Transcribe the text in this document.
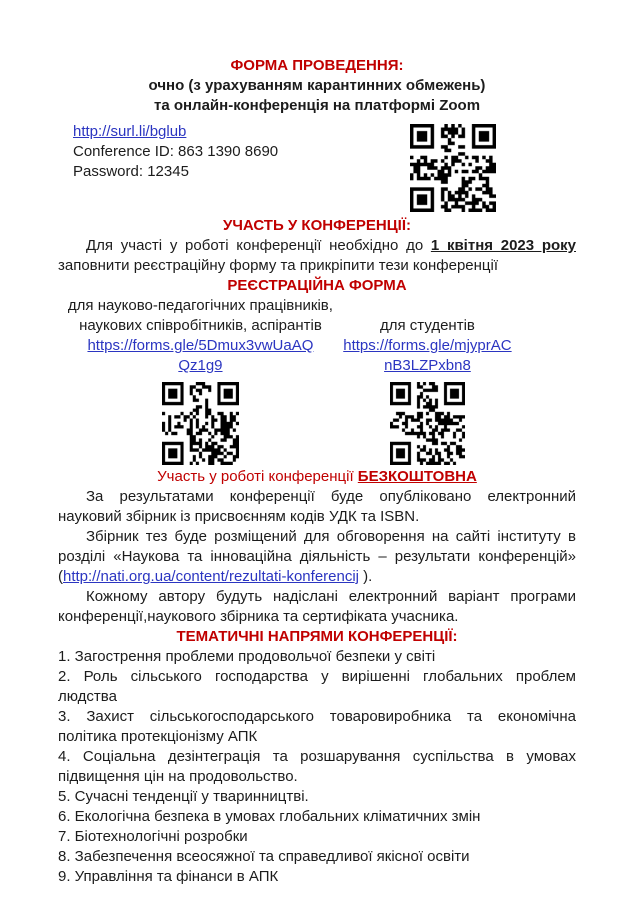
ФОРМА ПРОВЕДЕННЯ:
очно (з урахуванням карантинних обмежень)
та онлайн-конференція на платформі Zoom
http://surl.li/bglub
Conference ID: 863 1390 8690
Password: 12345
УЧАСТЬ У КОНФЕРЕНЦІЇ:
Для участі у роботі конференції необхідно до 1 квітня 2023 року
заповнити реєстраційну форму та прикріпити тези конференції
РЕЄСТРАЦІЙНА ФОРМА
для науково-педагогічних працівників, наукових співробітників, аспірантів
https://forms.gle/5Dmux3vwUaAQQz1g9
для студентів
https://forms.gle/mjyprACnB3LZPxbn8
Участь у роботі конференції БЕЗКОШТОВНА

За результатами конференції буде опубліковано електронний науковий збірник із присвоєнням кодів УДК та ISBN.

Збірник тез буде розміщений для обговорення на сайті інституту в розділі «Наукова та інноваційна діяльність – результати конференцій» (http://nati.org.ua/content/rezultati-konferencij ).

Кожному автору будуть надіслані електронний варіант програми конференції,наукового збірника та сертифіката учасника.

ТЕМАТИЧНІ НАПРЯМИ КОНФЕРЕНЦІЇ:
1. Загострення проблеми продовольчої безпеки у світі
2. Роль сільського господарства у вирішенні глобальних проблем людства
3. Захист сільськогосподарського товаровиробника та економічна політика протекціонізму АПК
4. Соціальна дезінтеграція та розшарування суспільства в умовах підвищення цін на продовольство.
5. Сучасні тенденції у тваринництві.
6. Екологічна безпека в умовах глобальних кліматичних змін
7. Біотехнологічні розробки
8. Забезпечення всеосяжної та справедливої якісної освіти
9. Управління та фінанси в АПК
